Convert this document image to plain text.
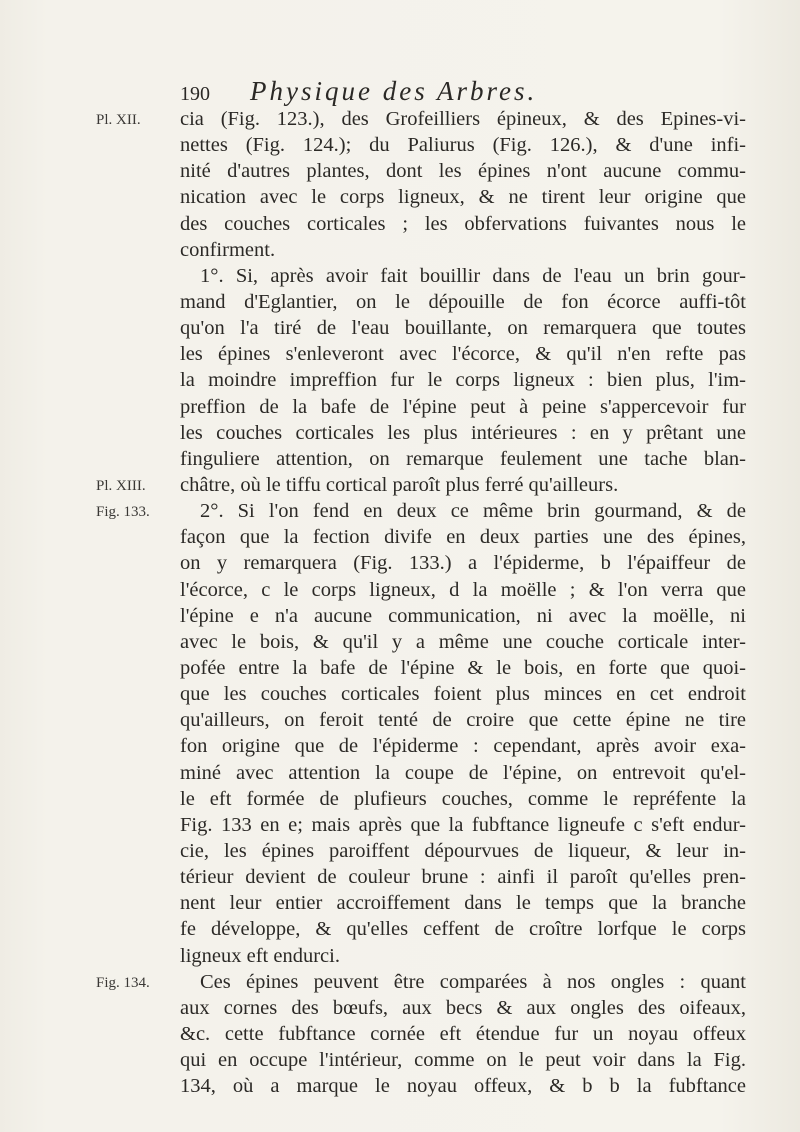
190	Physique des Arbres.
Pl. XII.
Pl. XIII.
Fig. 133.
Fig. 134.
cia (Fig. 123.), des Grofeilliers épineux, & des Epines-vi-
nettes (Fig. 124.); du Paliurus (Fig. 126.), & d'une infi-
nité d'autres plantes, dont les épines n'ont aucune commu-
nication avec le corps ligneux, & ne tirent leur origine que
des couches corticales ; les obfervations fuivantes nous le
confirment.
1°. Si, après avoir fait bouillir dans de l'eau un brin gour-
mand d'Eglantier, on le dépouille de fon écorce auffi-tôt
qu'on l'a tiré de l'eau bouillante, on remarquera que toutes
les épines s'enleveront avec l'écorce, & qu'il n'en refte pas
la moindre impreffion fur le corps ligneux : bien plus, l'im-
preffion de la bafe de l'épine peut à peine s'appercevoir fur
les couches corticales les plus intérieures : en y prêtant une
finguliere attention, on remarque feulement une tache blan-
châtre, où le tiffu cortical paroît plus ferré qu'ailleurs.
2°. Si l'on fend en deux ce même brin gourmand, & de
façon que la fection divife en deux parties une des épines,
on y remarquera (Fig. 133.) a l'épiderme, b l'épaiffeur de
l'écorce, c le corps ligneux, d la moëlle ; & l'on verra que
l'épine e n'a aucune communication, ni avec la moëlle, ni
avec le bois, & qu'il y a même une couche corticale inter-
pofée entre la bafe de l'épine & le bois, en forte que quoi-
que les couches corticales foient plus minces en cet endroit
qu'ailleurs, on feroit tenté de croire que cette épine ne tire
fon origine que de l'épiderme : cependant, après avoir exa-
miné avec attention la coupe de l'épine, on entrevoit qu'el-
le eft formée de plufieurs couches, comme le repréfente la
Fig. 133 en e; mais après que la fubftance ligneufe c s'eft endur-
cie, les épines paroiffent dépourvues de liqueur, & leur in-
térieur devient de couleur brune : ainfi il paroît qu'elles pren-
nent leur entier accroiffement dans le temps que la branche
fe développe, & qu'elles ceffent de croître lorfque le corps
ligneux eft endurci.
Ces épines peuvent être comparées à nos ongles : quant
aux cornes des bœufs, aux becs & aux ongles des oifeaux,
&c. cette fubftance cornée eft étendue fur un noyau offeux
qui en occupe l'intérieur, comme on le peut voir dans la Fig.
134, où a marque le noyau offeux, & b b la fubftance
